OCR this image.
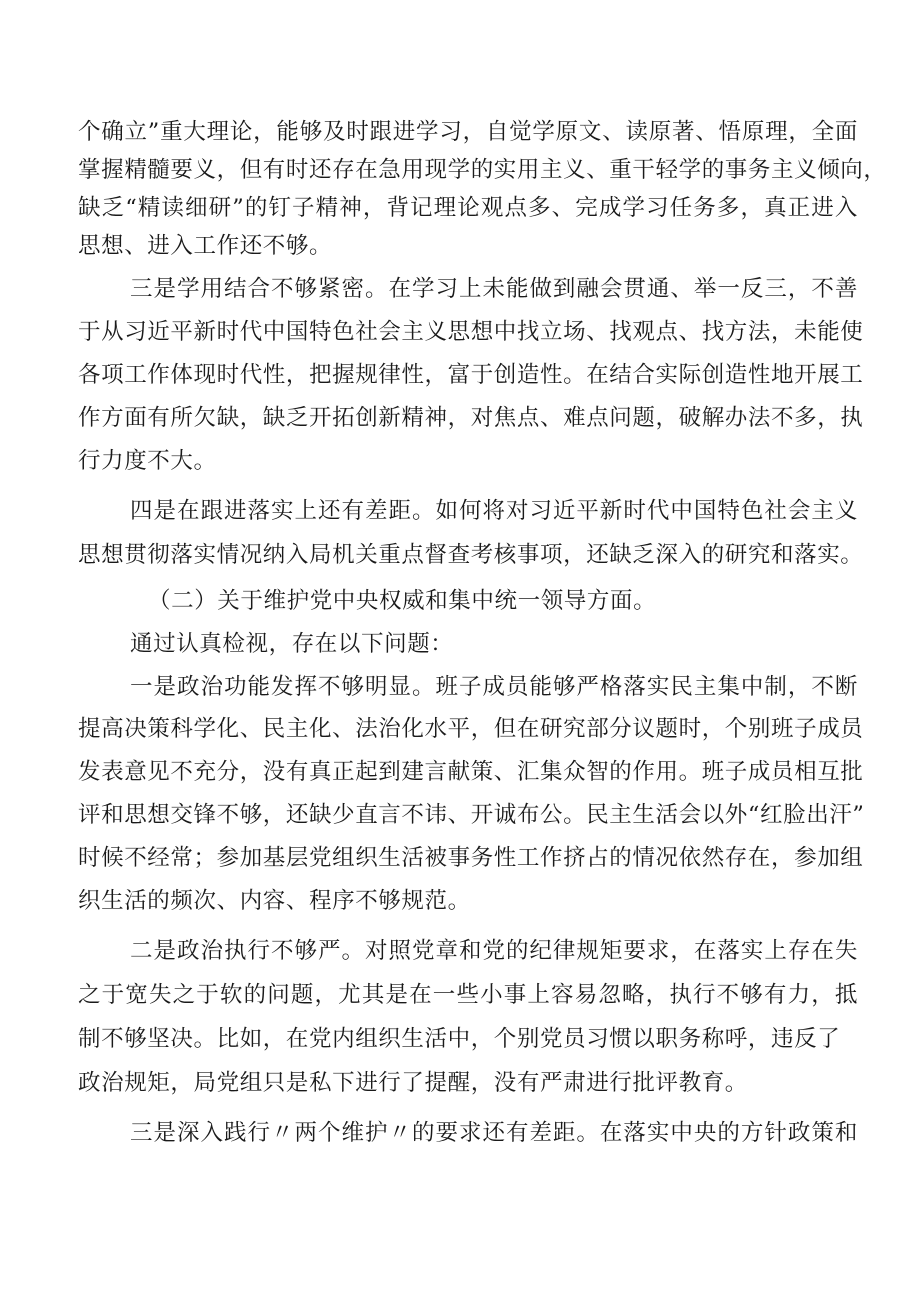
个确立”重大理论，能够及时跟进学习，自觉学原文、读原著、悟原理，全面
掌握精髓要义，但有时还存在急用现学的实用主义、重干轻学的事务主义倾向，
缺乏“精读细研”的钉子精神，背记理论观点多、完成学习任务多，真正进入
思想、进入工作还不够。
三是学用结合不够紧密。在学习上未能做到融会贯通、举一反三，不善
于从习近平新时代中国特色社会主义思想中找立场、找观点、找方法，未能使
各项工作体现时代性，把握规律性，富于创造性。在结合实际创造性地开展工
作方面有所欠缺，缺乏开拓创新精神，对焦点、难点问题，破解办法不多，执
行力度不大。
四是在跟进落实上还有差距。如何将对习近平新时代中国特色社会主义
思想贯彻落实情况纳入局机关重点督查考核事项，还缺乏深入的研究和落实。
（二）关于维护党中央权威和集中统一领导方面。
通过认真检视，存在以下问题：
一是政治功能发挥不够明显。班子成员能够严格落实民主集中制，不断
提高决策科学化、民主化、法治化水平，但在研究部分议题时，个别班子成员
发表意见不充分，没有真正起到建言献策、汇集众智的作用。班子成员相互批
评和思想交锋不够，还缺少直言不讳、开诚布公。民主生活会以外“红脸出汗”
时候不经常；参加基层党组织生活被事务性工作挤占的情况依然存在，参加组
织生活的频次、内容、程序不够规范。
二是政治执行不够严。对照党章和党的纪律规矩要求，在落实上存在失
之于宽失之于软的问题，尤其是在一些小事上容易忽略，执行不够有力，抵
制不够坚决。比如，在党内组织生活中，个别党员习惯以职务称呼，违反了
政治规矩，局党组只是私下进行了提醒，没有严肃进行批评教育。
三是深入践行〃两个维护〃的要求还有差距。在落实中央的方针政策和
